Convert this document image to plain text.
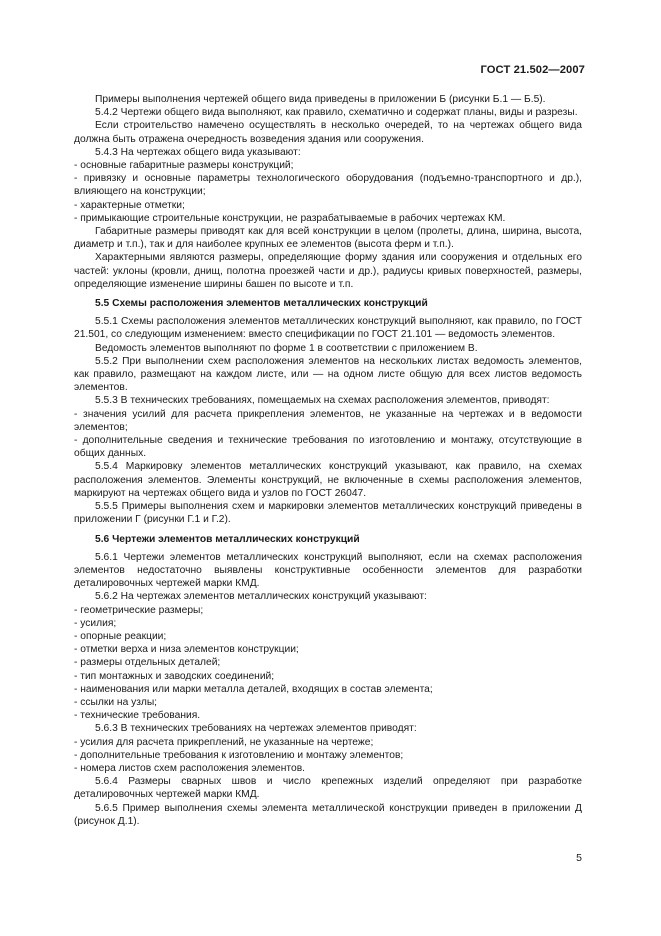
ГОСТ 21.502—2007

Примеры выполнения чертежей общего вида приведены в приложении Б (рисунки Б.1 — Б.5).

5.4.2 Чертежи общего вида выполняют, как правило, схематично и содержат планы, виды и разрезы.

Если строительство намечено осуществлять в несколько очередей, то на чертежах общего вида должна быть отражена очередность возведения здания или сооружения.

5.4.3 На чертежах общего вида указывают:

- основные габаритные размеры конструкций;

- привязку и основные параметры технологического оборудования (подъемно-транспортного и др.), влияющего на конструкции;

- характерные отметки;

- примыкающие строительные конструкции, не разрабатываемые в рабочих чертежах КМ.

Габаритные размеры приводят как для всей конструкции в целом (пролеты, длина, ширина, высота, диаметр и т.п.), так и для наиболее крупных ее элементов (высота ферм и т.п.).

Характерными являются размеры, определяющие форму здания или сооружения и отдельных его частей: уклоны (кровли, днищ, полотна проезжей части и др.), радиусы кривых поверхностей, размеры, определяющие изменение ширины башен по высоте и т.п.

5.5 Схемы расположения элементов металлических конструкций

5.5.1 Схемы расположения элементов металлических конструкций выполняют, как правило, по ГОСТ 21.501, со следующим изменением: вместо спецификации по ГОСТ 21.101 — ведомость элементов.

Ведомость элементов выполняют по форме 1 в соответствии с приложением В.

5.5.2 При выполнении схем расположения элементов на нескольких листах ведомость элементов, как правило, размещают на каждом листе, или — на одном листе общую для всех листов ведомость элементов.

5.5.3 В технических требованиях, помещаемых на схемах расположения элементов, приводят:

- значения усилий для расчета прикрепления элементов, не указанные на чертежах и в ведомости элементов;

- дополнительные сведения и технические требования по изготовлению и монтажу, отсутствующие в общих данных.

5.5.4 Маркировку элементов металлических конструкций указывают, как правило, на схемах расположения элементов. Элементы конструкций, не включенные в схемы расположения элементов, маркируют на чертежах общего вида и узлов по ГОСТ 26047.

5.5.5 Примеры выполнения схем и маркировки элементов металлических конструкций приведены в приложении Г (рисунки Г.1 и Г.2).

5.6 Чертежи элементов металлических конструкций

5.6.1 Чертежи элементов металлических конструкций выполняют, если на схемах расположения элементов недостаточно выявлены конструктивные особенности элементов для разработки деталировочных чертежей марки КМД.

5.6.2 На чертежах элементов металлических конструкций указывают:

- геометрические размеры;

- усилия;

- опорные реакции;

- отметки верха и низа элементов конструкции;

- размеры отдельных деталей;

- тип монтажных и заводских соединений;

- наименования или марки металла деталей, входящих в состав элемента;

- ссылки на узлы;

- технические требования.

5.6.3 В технических требованиях на чертежах элементов приводят:

- усилия для расчета прикреплений, не указанные на чертеже;

- дополнительные требования к изготовлению и монтажу элементов;

- номера листов схем расположения элементов.

5.6.4 Размеры сварных швов и число крепежных изделий определяют при разработке деталировочных чертежей марки КМД.

5.6.5 Пример выполнения схемы элемента металлической конструкции приведен в приложении Д (рисунок Д.1).

5
